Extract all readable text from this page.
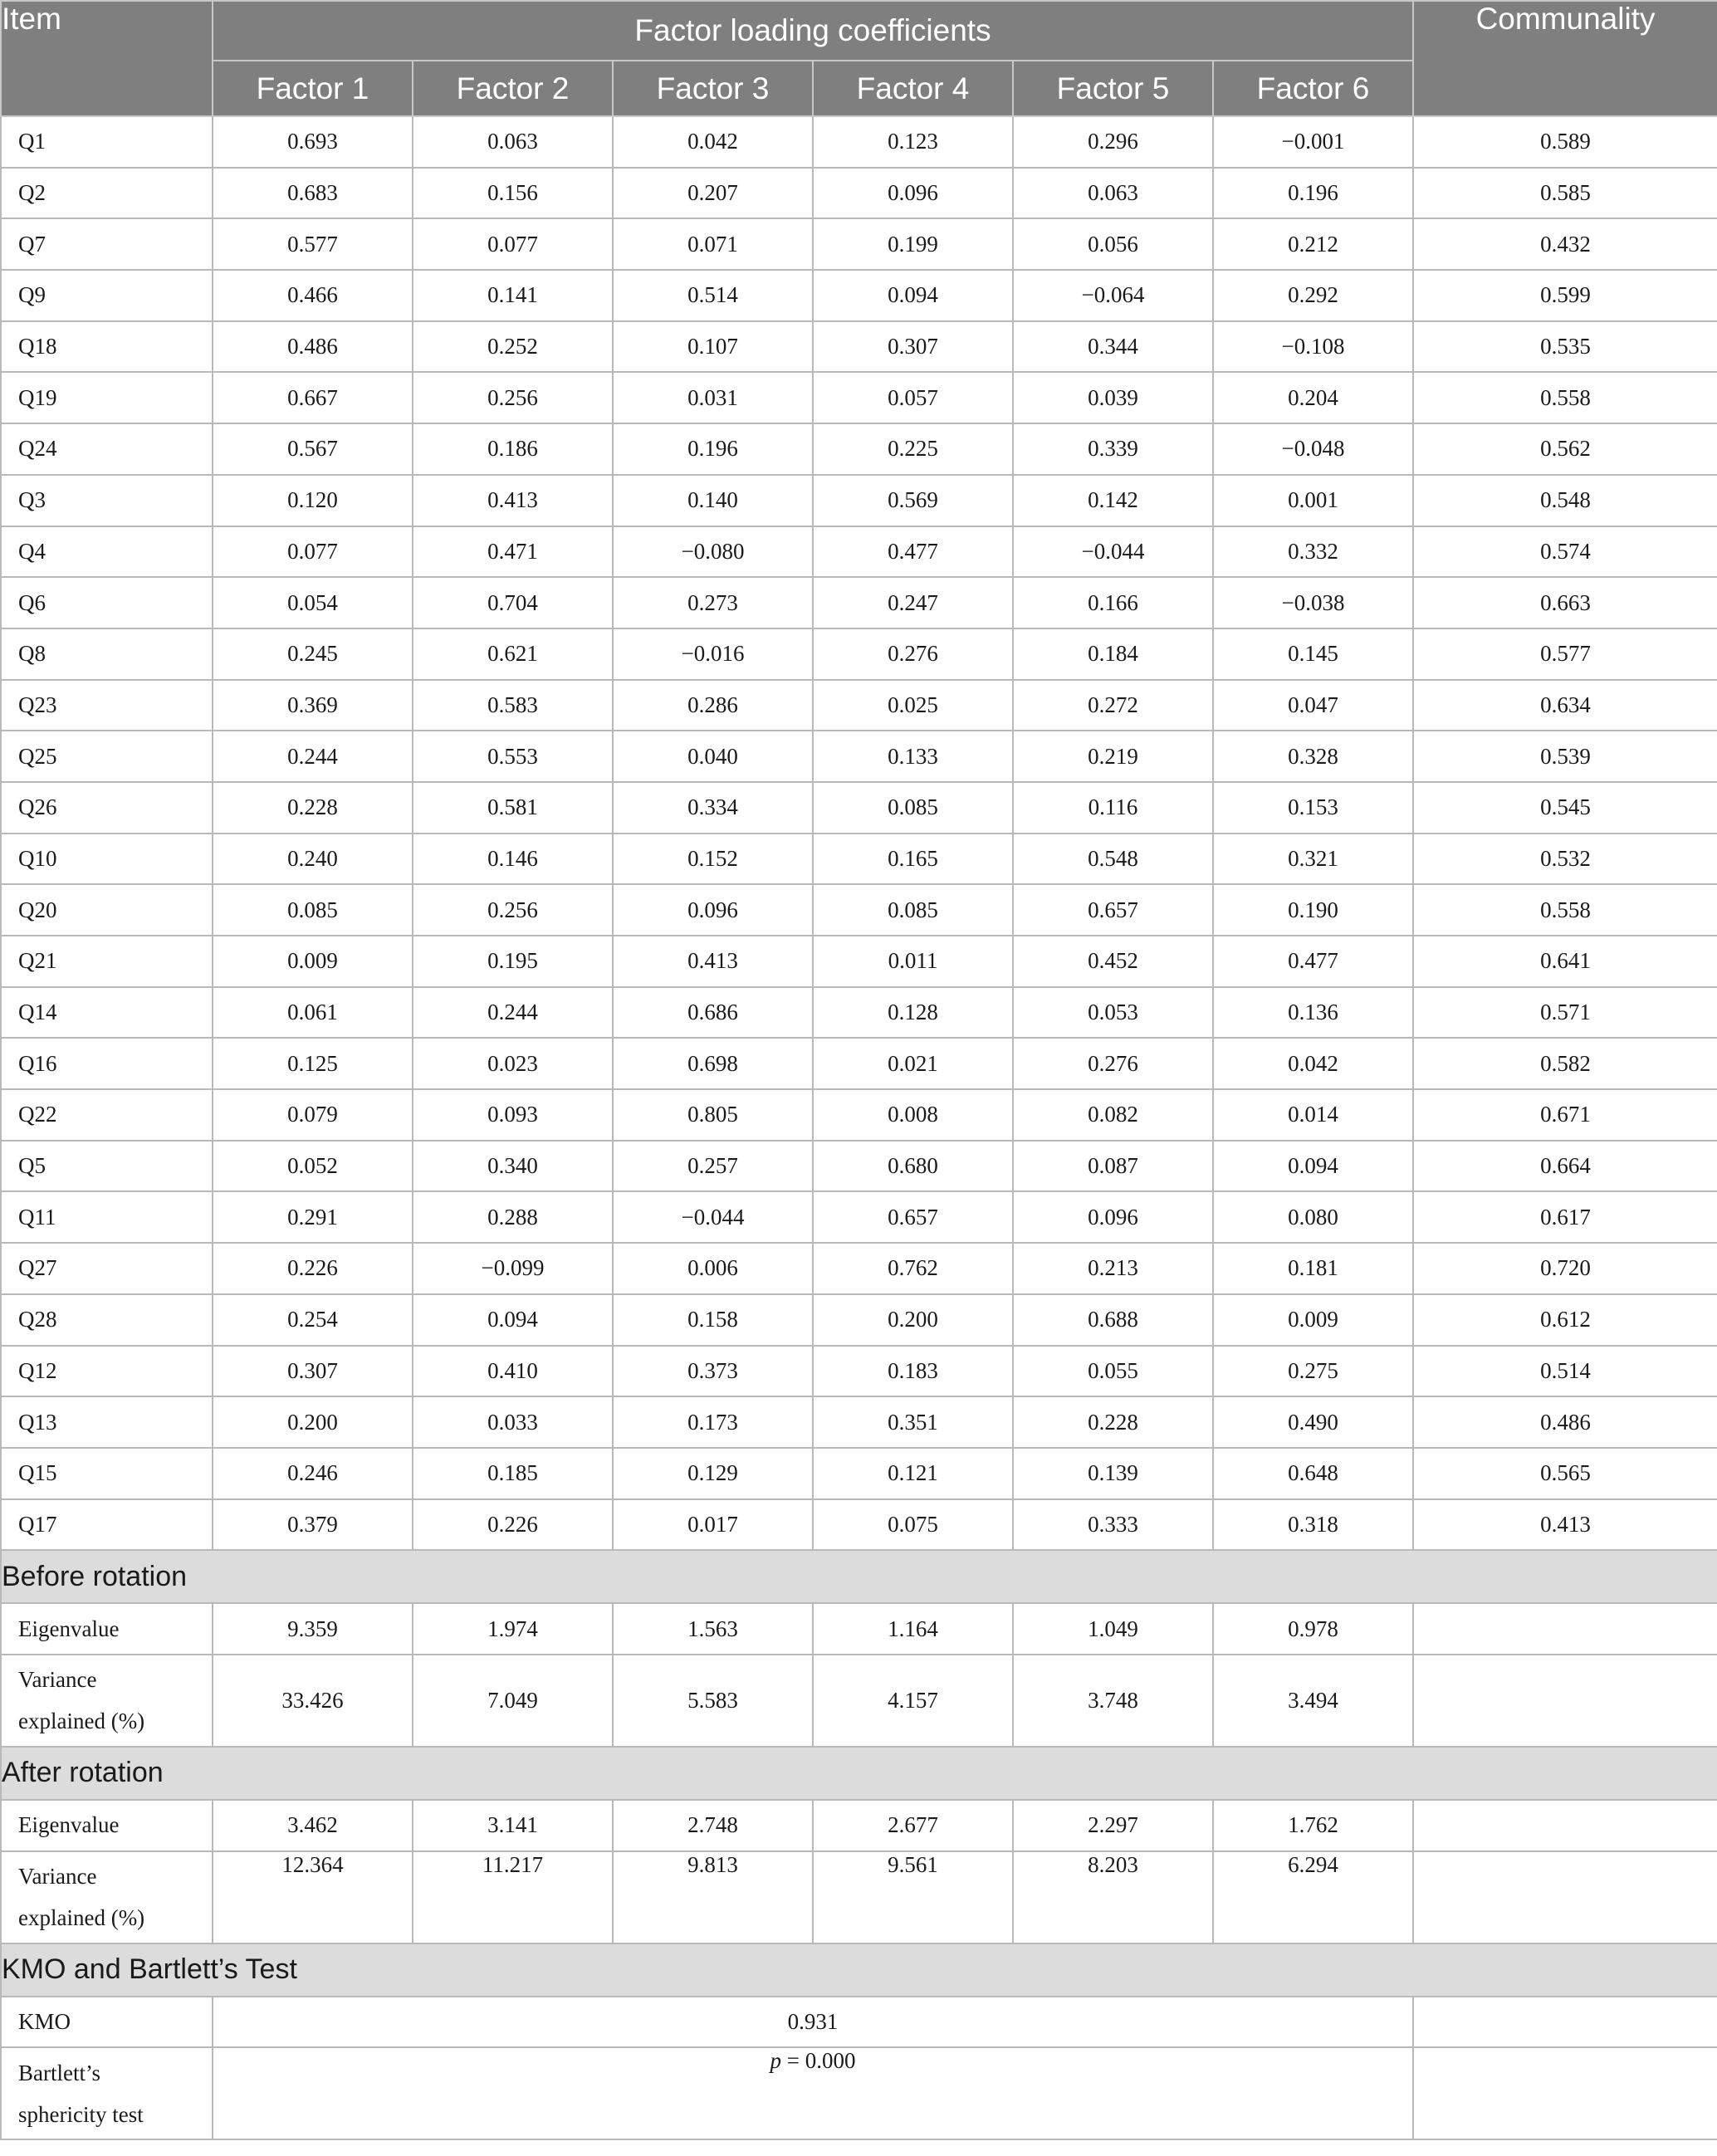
Item	Factor loading coefficients						Communality
	Factor 1	Factor 2	Factor 3	Factor 4	Factor 5	Factor 6	
Q1	0.693	0.063	0.042	0.123	0.296	−0.001	0.589
Q2	0.683	0.156	0.207	0.096	0.063	0.196	0.585
Q7	0.577	0.077	0.071	0.199	0.056	0.212	0.432
Q9	0.466	0.141	0.514	0.094	−0.064	0.292	0.599
Q18	0.486	0.252	0.107	0.307	0.344	−0.108	0.535
Q19	0.667	0.256	0.031	0.057	0.039	0.204	0.558
Q24	0.567	0.186	0.196	0.225	0.339	−0.048	0.562
Q3	0.120	0.413	0.140	0.569	0.142	0.001	0.548
Q4	0.077	0.471	−0.080	0.477	−0.044	0.332	0.574
Q6	0.054	0.704	0.273	0.247	0.166	−0.038	0.663
Q8	0.245	0.621	−0.016	0.276	0.184	0.145	0.577
Q23	0.369	0.583	0.286	0.025	0.272	0.047	0.634
Q25	0.244	0.553	0.040	0.133	0.219	0.328	0.539
Q26	0.228	0.581	0.334	0.085	0.116	0.153	0.545
Q10	0.240	0.146	0.152	0.165	0.548	0.321	0.532
Q20	0.085	0.256	0.096	0.085	0.657	0.190	0.558
Q21	0.009	0.195	0.413	0.011	0.452	0.477	0.641
Q14	0.061	0.244	0.686	0.128	0.053	0.136	0.571
Q16	0.125	0.023	0.698	0.021	0.276	0.042	0.582
Q22	0.079	0.093	0.805	0.008	0.082	0.014	0.671
Q5	0.052	0.340	0.257	0.680	0.087	0.094	0.664
Q11	0.291	0.288	−0.044	0.657	0.096	0.080	0.617
Q27	0.226	−0.099	0.006	0.762	0.213	0.181	0.720
Q28	0.254	0.094	0.158	0.200	0.688	0.009	0.612
Q12	0.307	0.410	0.373	0.183	0.055	0.275	0.514
Q13	0.200	0.033	0.173	0.351	0.228	0.490	0.486
Q15	0.246	0.185	0.129	0.121	0.139	0.648	0.565
Q17	0.379	0.226	0.017	0.075	0.333	0.318	0.413
Before rotation							
Eigenvalue	9.359	1.974	1.563	1.164	1.049	0.978	
Variance
explained (%)	33.426	7.049	5.583	4.157	3.748	3.494	
After rotation							
Eigenvalue	3.462	3.141	2.748	2.677	2.297	1.762	
Variance
explained (%)	12.364	11.217	9.813	9.561	8.203	6.294	
KMO and Bartlett’s Test							
KMO	0.931						
Bartlett’s
sphericity test	p = 0.000						
